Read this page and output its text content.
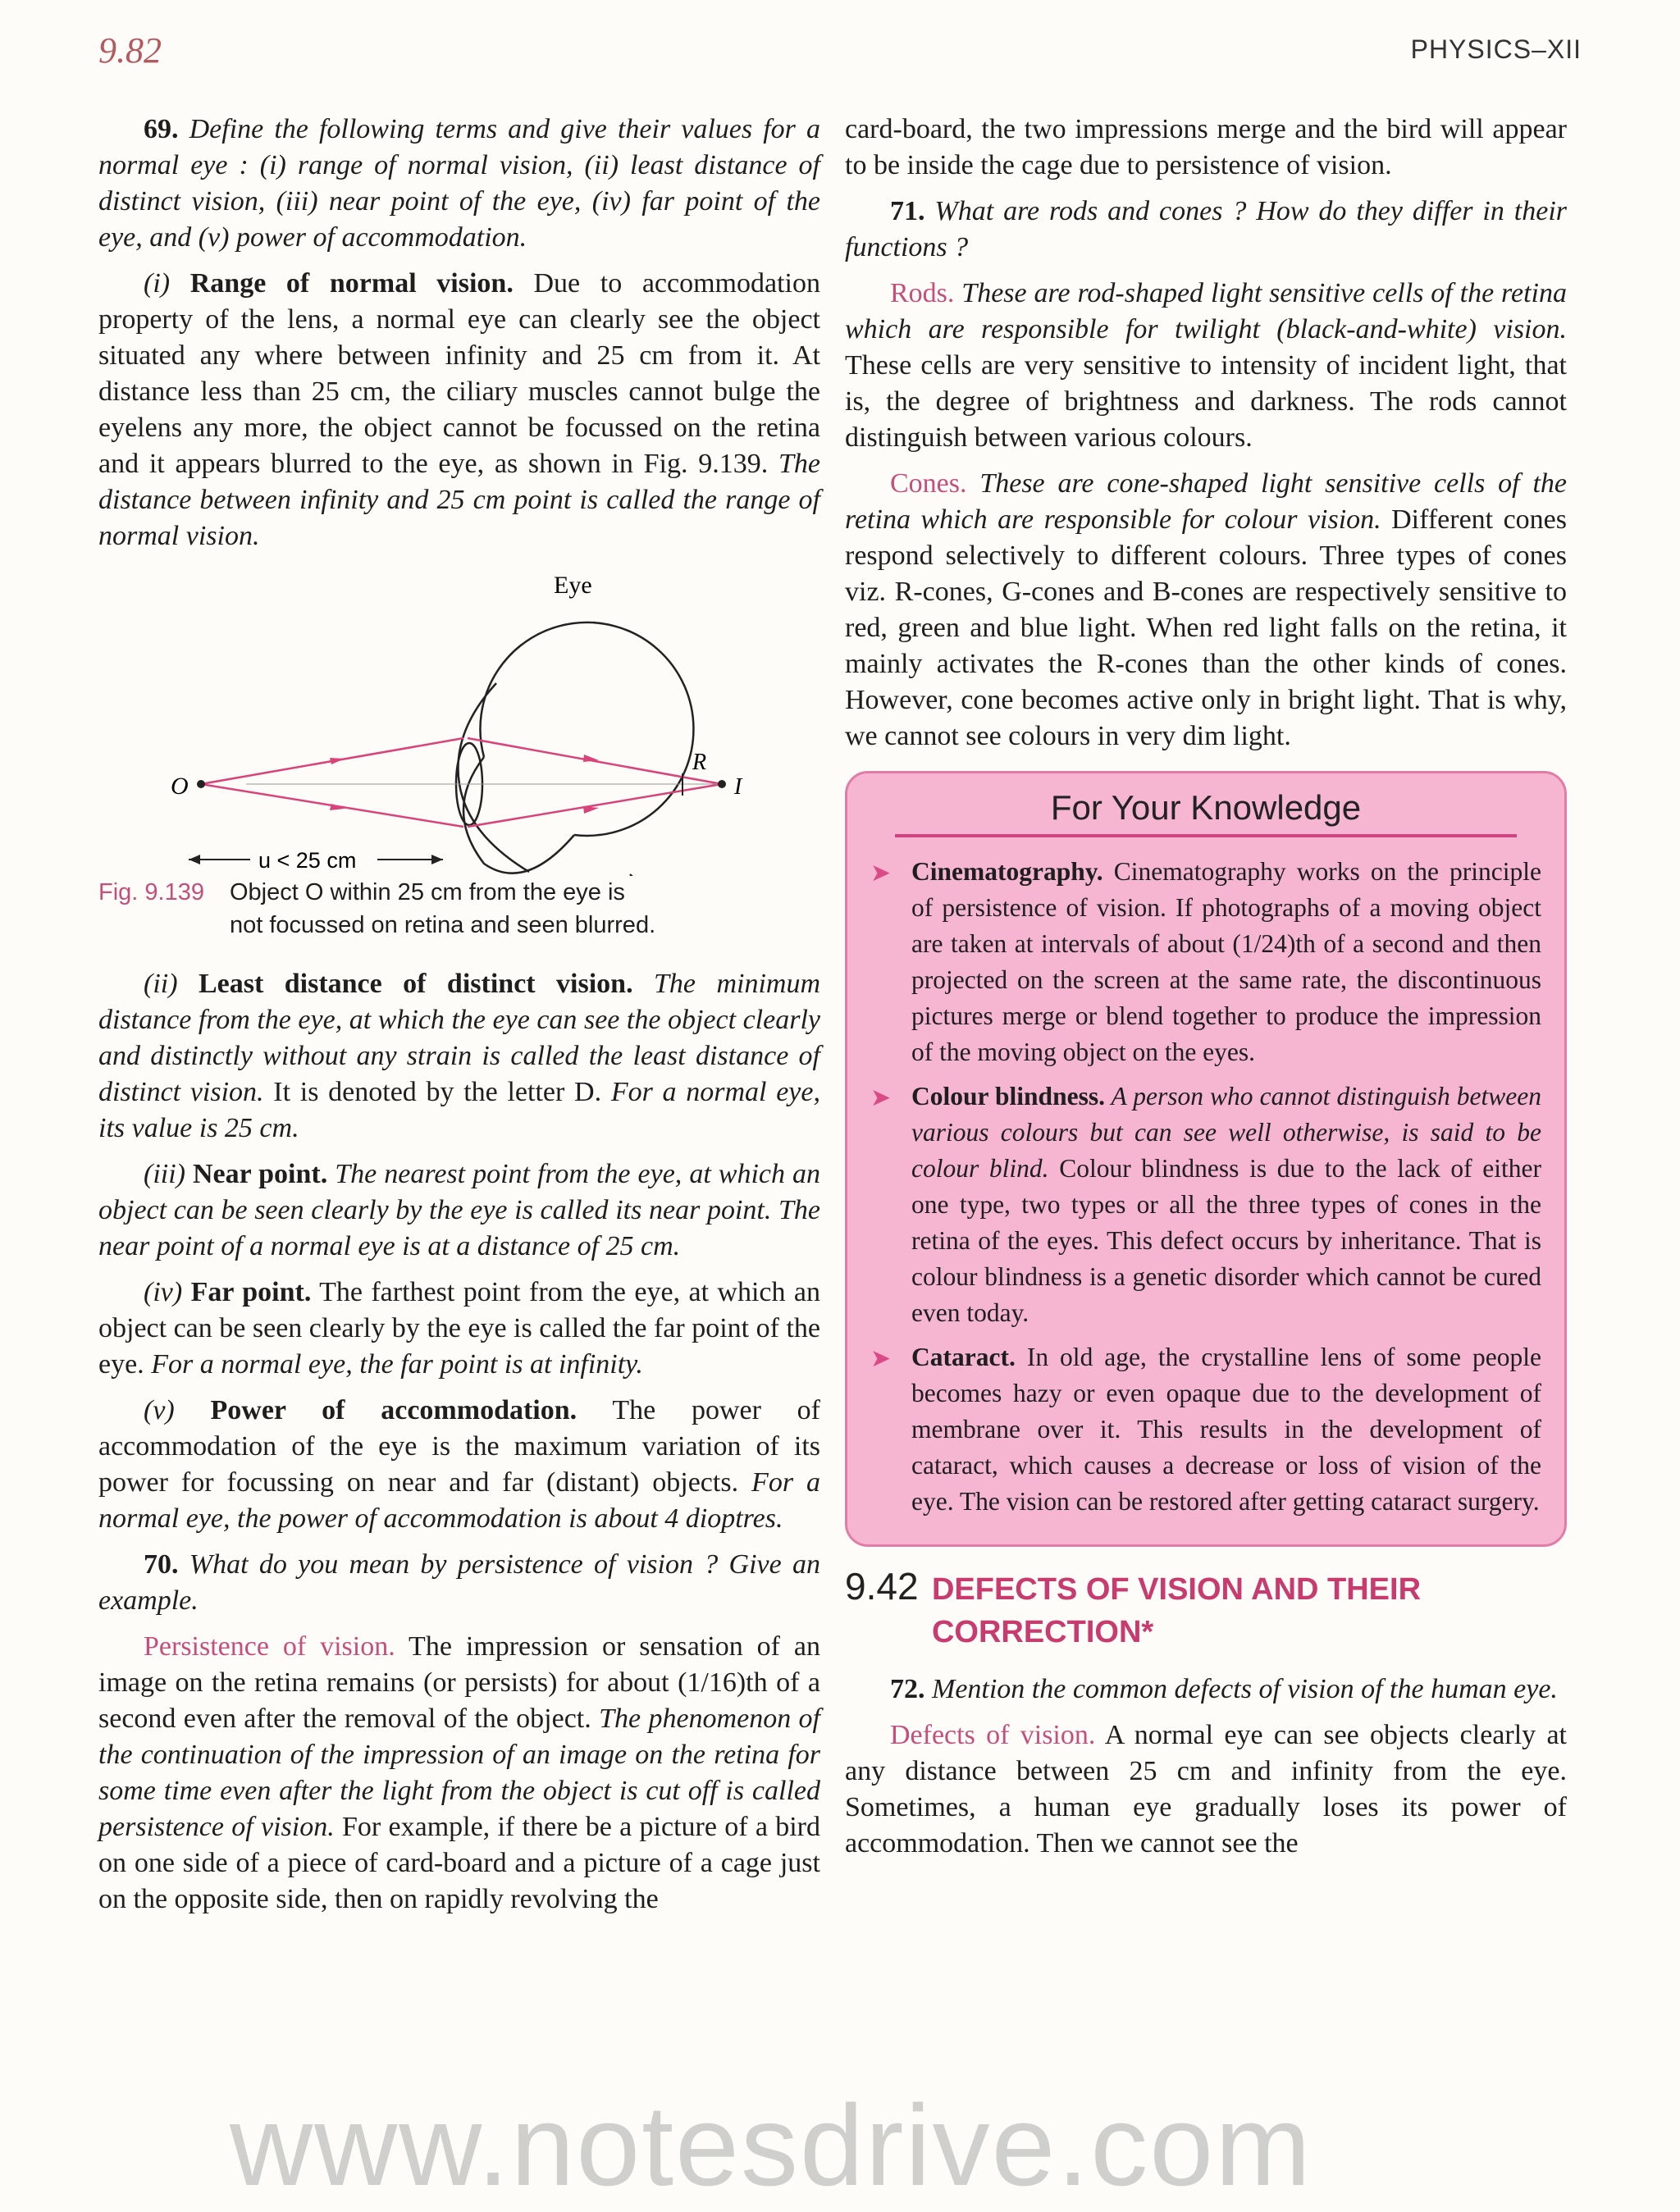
9.82	PHYSICS–XII

69. Define the following terms and give their values for a normal eye : (i) range of normal vision, (ii) least distance of distinct vision, (iii) near point of the eye, (iv) far point of the eye, and (v) power of accommodation.

(i) Range of normal vision. Due to accommodation property of the lens, a normal eye can clearly see the object situated any where between infinity and 25 cm from it. At distance less than 25 cm, the ciliary muscles cannot bulge the eyelens any more, the object cannot be focussed on the retina and it appears blurred to the eye, as shown in Fig. 9.139. The distance between infinity and 25 cm point is called the range of normal vision.

Eye
O
R
I
u < 25 cm
Fig. 9.139 Object O within 25 cm from the eye is
not focussed on retina and seen blurred.

(ii) Least distance of distinct vision. The minimum distance from the eye, at which the eye can see the object clearly and distinctly without any strain is called the least distance of distinct vision. It is denoted by the letter D. For a normal eye, its value is 25 cm.

(iii) Near point. The nearest point from the eye, at which an object can be seen clearly by the eye is called its near point. The near point of a normal eye is at a distance of 25 cm.

(iv) Far point. The farthest point from the eye, at which an object can be seen clearly by the eye is called the far point of the eye. For a normal eye, the far point is at infinity.

(v) Power of accommodation. The power of accommodation of the eye is the maximum variation of its power for focussing on near and far (distant) objects. For a normal eye, the power of accommodation is about 4 dioptres.

70. What do you mean by persistence of vision ? Give an example.

Persistence of vision. The impression or sensation of an image on the retina remains (or persists) for about (1/16)th of a second even after the removal of the object. The phenomenon of the continuation of the impression of an image on the retina for some time even after the light from the object is cut off is called persistence of vision. For example, if there be a picture of a bird on one side of a piece of card-board and a picture of a cage just on the opposite side, then on rapidly revolving the

card-board, the two impressions merge and the bird will appear to be inside the cage due to persistence of vision.

71. What are rods and cones ? How do they differ in their functions ?

Rods. These are rod-shaped light sensitive cells of the retina which are responsible for twilight (black-and-white) vision. These cells are very sensitive to intensity of incident light, that is, the degree of brightness and darkness. The rods cannot distinguish between various colours.

Cones. These are cone-shaped light sensitive cells of the retina which are responsible for colour vision. Different cones respond selectively to different colours. Three types of cones viz. R-cones, G-cones and B-cones are respectively sensitive to red, green and blue light. When red light falls on the retina, it mainly activates the R-cones than the other kinds of cones. However, cone becomes active only in bright light. That is why, we cannot see colours in very dim light.

For Your Knowledge
➤ Cinematography. Cinematography works on the principle of persistence of vision. If photographs of a moving object are taken at intervals of about (1/24)th of a second and then projected on the screen at the same rate, the discontinuous pictures merge or blend together to produce the impression of the moving object on the eyes.
➤ Colour blindness. A person who cannot distinguish between various colours but can see well otherwise, is said to be colour blind. Colour blindness is due to the lack of either one type, two types or all the three types of cones in the retina of the eyes. This defect occurs by inheritance. That is colour blindness is a genetic disorder which cannot be cured even today.
➤ Cataract. In old age, the crystalline lens of some people becomes hazy or even opaque due to the development of membrane over it. This results in the development of cataract, which causes a decrease or loss of vision of the eye. The vision can be restored after getting cataract surgery.
9.42 DEFECTS OF VISION AND THEIR CORRECTION*

72. Mention the common defects of vision of the human eye.

Defects of vision. A normal eye can see objects clearly at any distance between 25 cm and infinity from the eye. Sometimes, a human eye gradually loses its power of accommodation. Then we cannot see the

www.notesdrive.com
